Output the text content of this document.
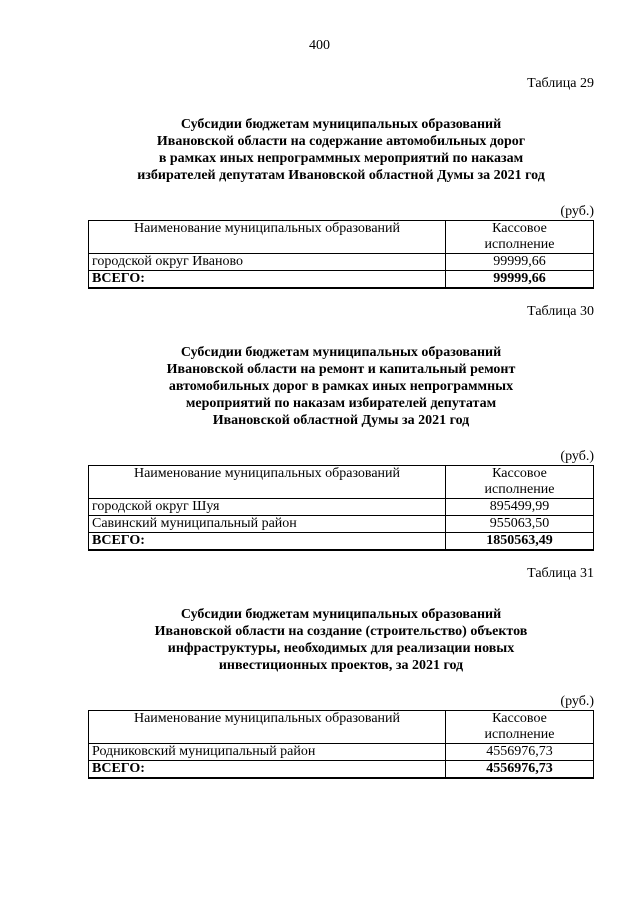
400
Таблица 29
Субсидии бюджетам муниципальных образований
Ивановской области на содержание автомобильных дорог
в рамках иных непрограммных мероприятий по наказам
избирателей депутатам Ивановской областной Думы за 2021 год
(руб.)
Наименование муниципальных образований	Кассовое
исполнение

городской округ Иваново	99999,66
ВСЕГО:	99999,66
Таблица 30
Субсидии бюджетам муниципальных образований
Ивановской области на ремонт и капитальный ремонт
автомобильных дорог в рамках иных непрограммных
мероприятий по наказам избирателей депутатам
Ивановской областной Думы за 2021 год
(руб.)
Наименование муниципальных образований	Кассовое
исполнение

городской округ Шуя	895499,99
Савинский муниципальный район	955063,50
ВСЕГО:	1850563,49
Таблица 31
Субсидии бюджетам муниципальных образований
Ивановской области на создание (строительство) объектов
инфраструктуры, необходимых для реализации новых
инвестиционных проектов, за 2021 год
(руб.)
Наименование муниципальных образований	Кассовое
исполнение

Родниковский муниципальный район	4556976,73
ВСЕГО:	4556976,73
